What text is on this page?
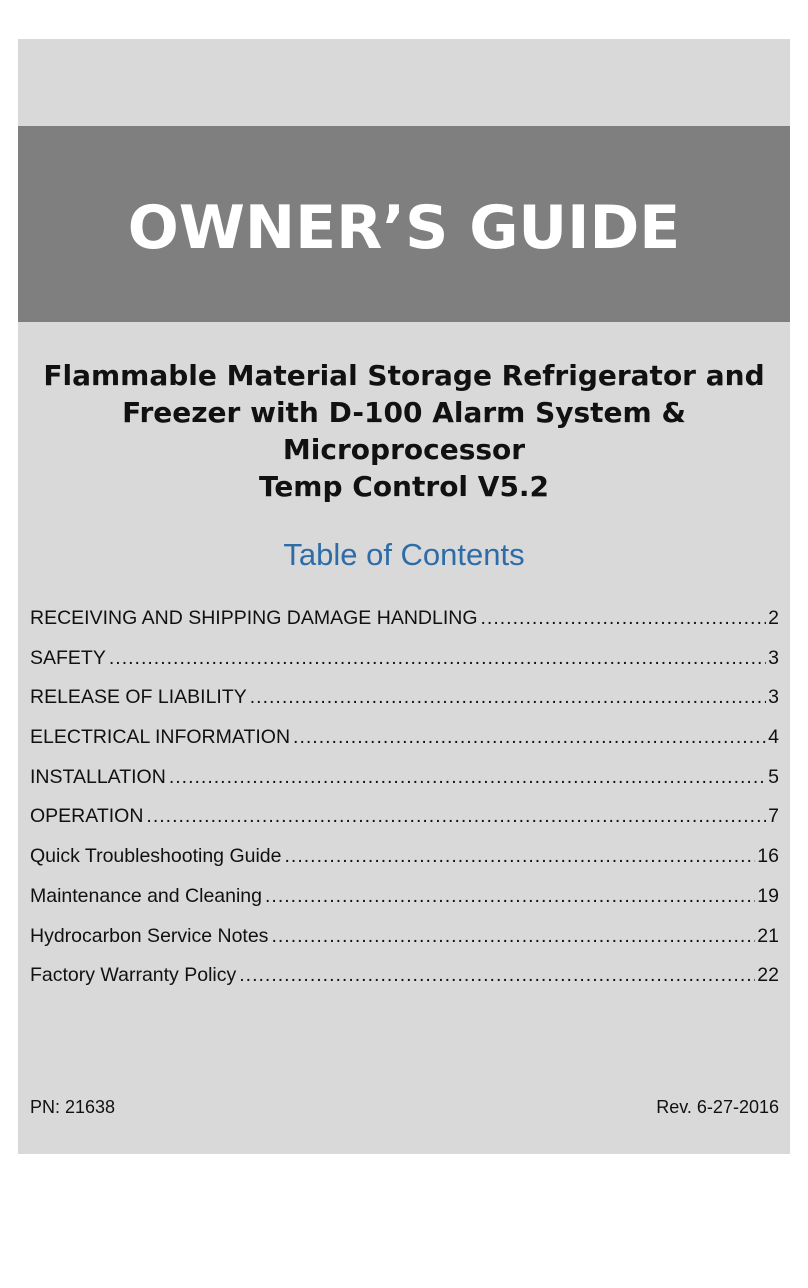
OWNER’S GUIDE
Flammable Material Storage Refrigerator and
Freezer with D-100 Alarm System & Microprocessor
Temp Control V5.2
Table of Contents
RECEIVING AND SHIPPING DAMAGE HANDLING .....	2
SAFETY .....	3
RELEASE OF LIABILITY .....	3
ELECTRICAL INFORMATION .....	4
INSTALLATION .....	5
OPERATION .....	7
Quick Troubleshooting Guide .....	16
Maintenance and Cleaning .....	19
Hydrocarbon Service Notes .....	21
Factory Warranty Policy .....	22
PN: 21638	Rev. 6-27-2016
